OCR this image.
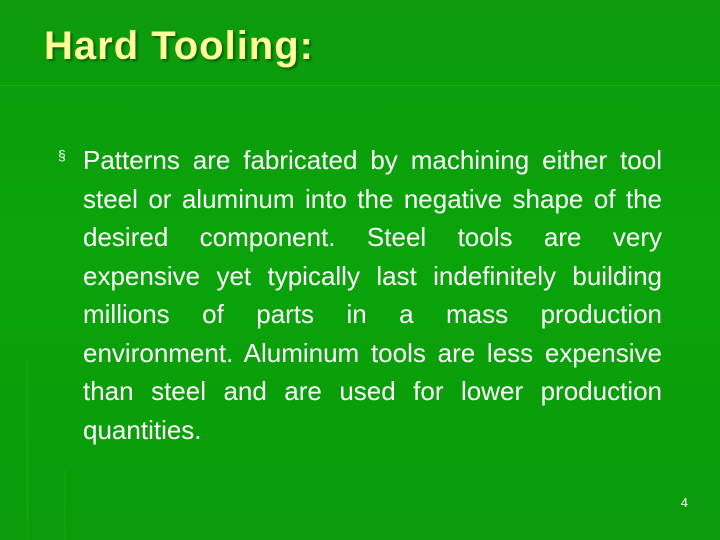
Hard Tooling:
§ Patterns are fabricated by machining either tool steel or aluminum into the negative shape of the desired component. Steel tools are very expensive yet typically last indefinitely building millions of parts in a mass production environment. Aluminum tools are less expensive than steel and are used for lower production quantities.

4
